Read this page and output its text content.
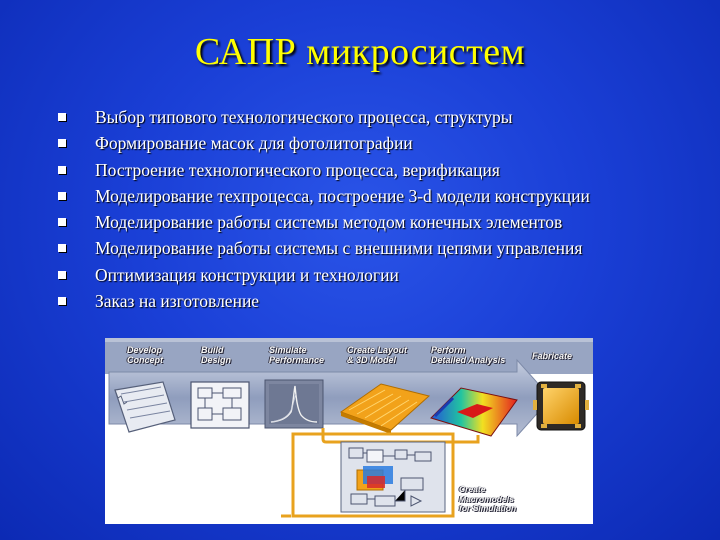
САПР микросистем
Выбор типового технологического процесса, структуры
Формирование масок для фотолитографии
Построение технологического процесса, верификация
Моделирование техпроцесса, построение 3-d модели конструкции
Моделирование работы системы методом конечных элементов
Моделирование работы системы с внешними цепями управления
Оптимизация конструкции и технологии
Заказ на изготовление
Develop
Concept
Build
Design
Simulate
Performance
Create Layout
& 3D Model
Perform
Detailed Analysis	Fabricate
Create
Macromodels
for Simulation
